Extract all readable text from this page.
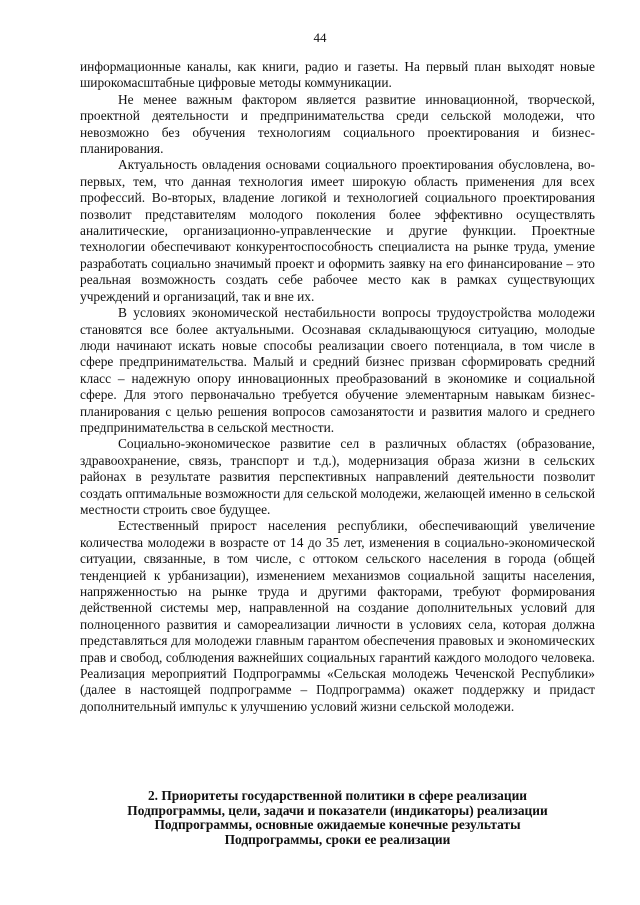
44

информационные каналы, как книги, радио и газеты. На первый план выходят новые широкомасштабные цифровые методы коммуникации.

Не менее важным фактором является развитие инновационной, творческой, проектной деятельности и предпринимательства среди сельской молодежи, что невозможно без обучения технологиям социального проектирования и бизнес-планирования.

Актуальность овладения основами социального проектирования обусловлена, во-первых, тем, что данная технология имеет широкую область применения для всех профессий. Во-вторых, владение логикой и технологией социального проектирования позволит представителям молодого поколения более эффективно осуществлять аналитические, организационно-управленческие и другие функции. Проектные технологии обеспечивают конкурентоспособность специалиста на рынке труда, умение разработать социально значимый проект и оформить заявку на его финансирование – это реальная возможность создать себе рабочее место как в рамках существующих учреждений и организаций, так и вне их.

В условиях экономической нестабильности вопросы трудоустройства молодежи становятся все более актуальными. Осознавая складывающуюся ситуацию, молодые люди начинают искать новые способы реализации своего потенциала, в том числе в сфере предпринимательства. Малый и средний бизнес призван сформировать средний класс – надежную опору инновационных преобразований в экономике и социальной сфере. Для этого первоначально требуется обучение элементарным навыкам бизнес-планирования с целью решения вопросов самозанятости и развития малого и среднего предпринимательства в сельской местности.

Социально-экономическое развитие сел в различных областях (образование, здравоохранение, связь, транспорт и т.д.), модернизация образа жизни в сельских районах в результате развития перспективных направлений деятельности позволит создать оптимальные возможности для сельской молодежи, желающей именно в сельской местности строить свое будущее.

Естественный прирост населения республики, обеспечивающий увеличение количества молодежи в возрасте от 14 до 35 лет, изменения в социально-экономической ситуации, связанные, в том числе, с оттоком сельского населения в города (общей тенденцией к урбанизации), изменением механизмов социальной защиты населения, напряженностью на рынке труда и другими факторами, требуют формирования действенной системы мер, направленной на создание дополнительных условий для полноценного развития и самореализации личности в условиях села, которая должна представляться для молодежи главным гарантом обеспечения правовых и экономических прав и свобод, соблюдения важнейших социальных гарантий каждого молодого человека. Реализация мероприятий Подпрограммы «Сельская молодежь Чеченской Республики» (далее в настоящей подпрограмме – Подпрограмма) окажет поддержку и придаст дополнительный импульс к улучшению условий жизни сельской молодежи.

2. Приоритеты государственной политики в сфере реализации
Подпрограммы, цели, задачи и показатели (индикаторы) реализации
Подпрограммы, основные ожидаемые конечные результаты
Подпрограммы, сроки ее реализации
